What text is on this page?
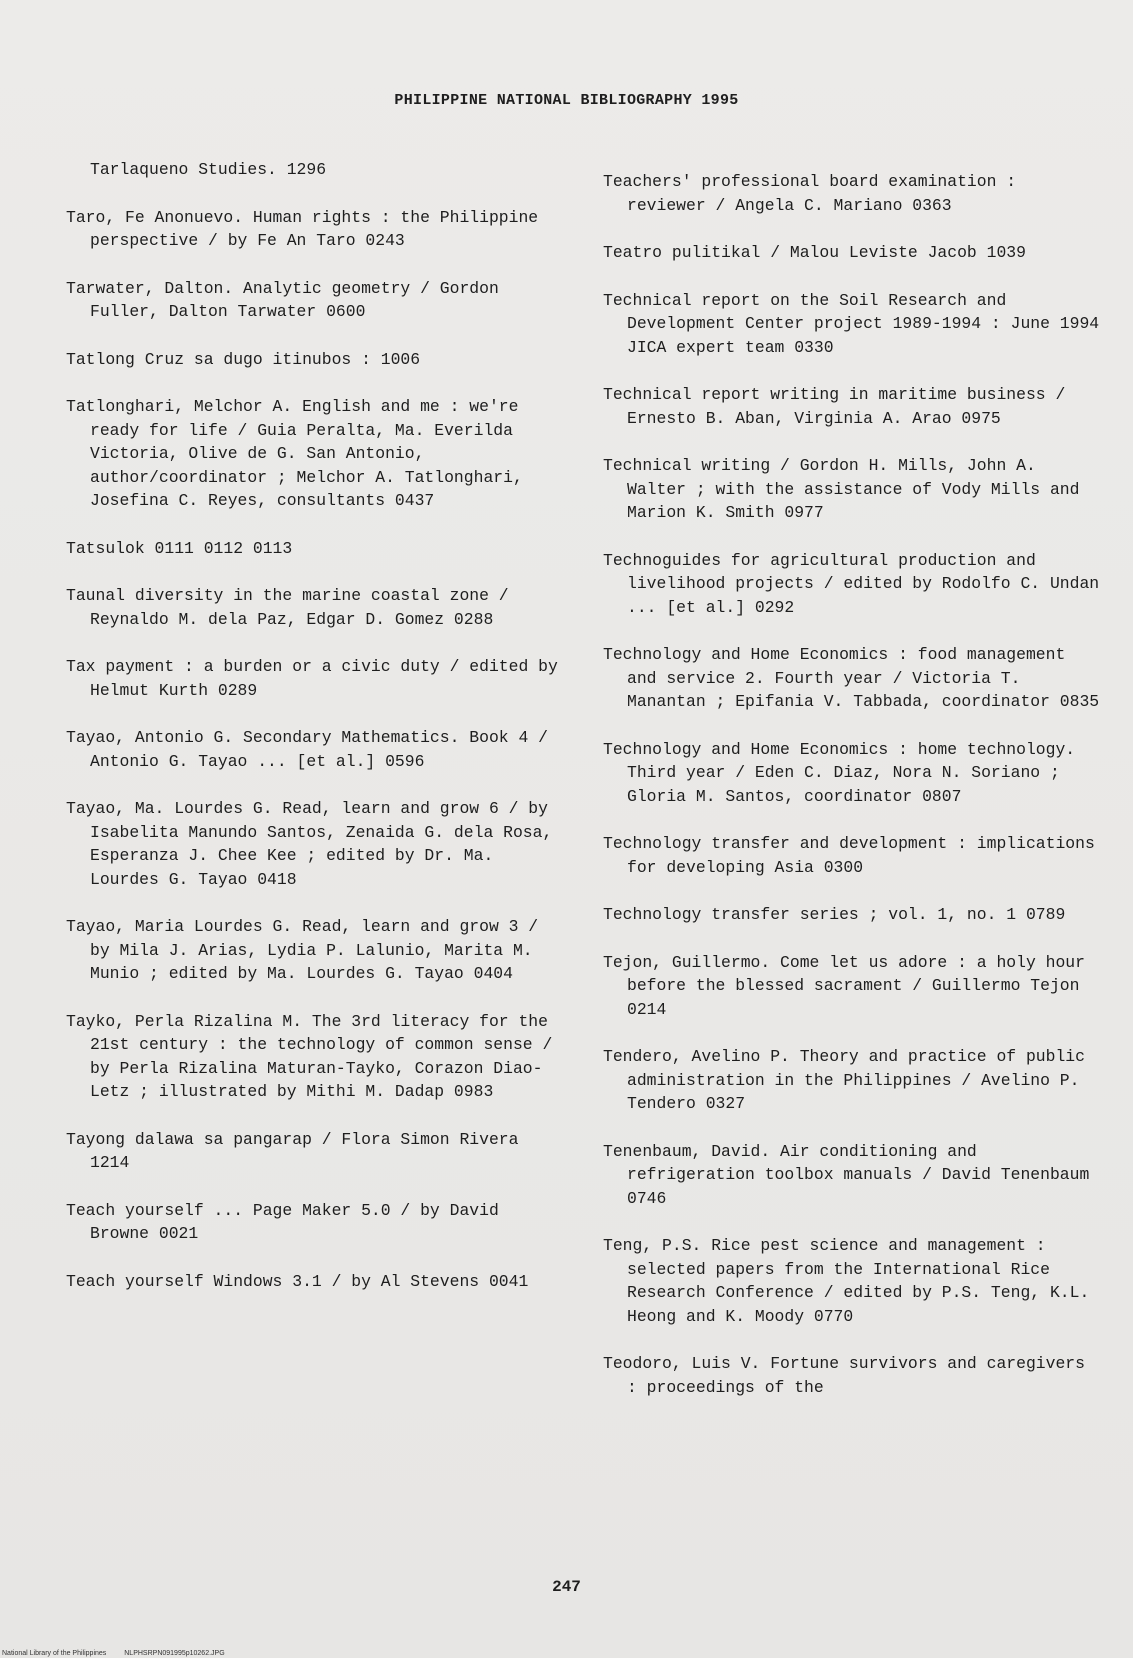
PHILIPPINE NATIONAL BIBLIOGRAPHY 1995

Tarlaqueno Studies. 1296

Taro, Fe Anonuevo. Human rights : the Philippine perspective / by Fe An Taro 0243

Tarwater, Dalton. Analytic geometry / Gordon Fuller, Dalton Tarwater 0600

Tatlong Cruz sa dugo itinubos : 1006

Tatlonghari, Melchor A. English and me : we're ready for life / Guia Peralta, Ma. Everilda Victoria, Olive de G. San Antonio, author/coordinator ; Melchor A. Tatlonghari, Josefina C. Reyes, consultants 0437

Tatsulok 0111 0112 0113

Taunal diversity in the marine coastal zone / Reynaldo M. dela Paz, Edgar D. Gomez 0288

Tax payment : a burden or a civic duty / edited by Helmut Kurth 0289

Tayao, Antonio G. Secondary Mathematics. Book 4 / Antonio G. Tayao ... [et al.] 0596

Tayao, Ma. Lourdes G. Read, learn and grow 6 / by Isabelita Manundo Santos, Zenaida G. dela Rosa, Esperanza J. Chee Kee ; edited by Dr. Ma. Lourdes G. Tayao 0418

Tayao, Maria Lourdes G. Read, learn and grow 3 / by Mila J. Arias, Lydia P. Lalunio, Marita M. Munio ; edited by Ma. Lourdes G. Tayao 0404

Tayko, Perla Rizalina M. The 3rd literacy for the 21st century : the technology of common sense / by Perla Rizalina Maturan-Tayko, Corazon Diao-Letz ; illustrated by Mithi M. Dadap 0983

Tayong dalawa sa pangarap / Flora Simon Rivera 1214

Teach yourself ... Page Maker 5.0 / by David Browne 0021

Teach yourself Windows 3.1 / by Al Stevens 0041

Teachers' professional board examination : reviewer / Angela C. Mariano 0363

Teatro pulitikal / Malou Leviste Jacob 1039

Technical report on the Soil Research and Development Center project 1989-1994 : June 1994 JICA expert team 0330

Technical report writing in maritime business / Ernesto B. Aban, Virginia A. Arao 0975

Technical writing / Gordon H. Mills, John A. Walter ; with the assistance of Vody Mills and Marion K. Smith 0977

Technoguides for agricultural production and livelihood projects / edited by Rodolfo C. Undan ... [et al.] 0292

Technology and Home Economics : food management and service 2. Fourth year / Victoria T. Manantan ; Epifania V. Tabbada, coordinator 0835

Technology and Home Economics : home technology. Third year / Eden C. Diaz, Nora N. Soriano ; Gloria M. Santos, coordinator 0807

Technology transfer and development : implications for developing Asia 0300

Technology transfer series ; vol. 1, no. 1 0789

Tejon, Guillermo. Come let us adore : a holy hour before the blessed sacrament / Guillermo Tejon 0214

Tendero, Avelino P. Theory and practice of public administration in the Philippines / Avelino P. Tendero 0327

Tenenbaum, David. Air conditioning and refrigeration toolbox manuals / David Tenenbaum 0746

Teng, P.S. Rice pest science and management : selected papers from the International Rice Research Conference / edited by P.S. Teng, K.L. Heong and K. Moody 0770

Teodoro, Luis V. Fortune survivors and caregivers : proceedings of the

247
National Library of the Philippines	NLPHSRPN091995p10262.JPG
